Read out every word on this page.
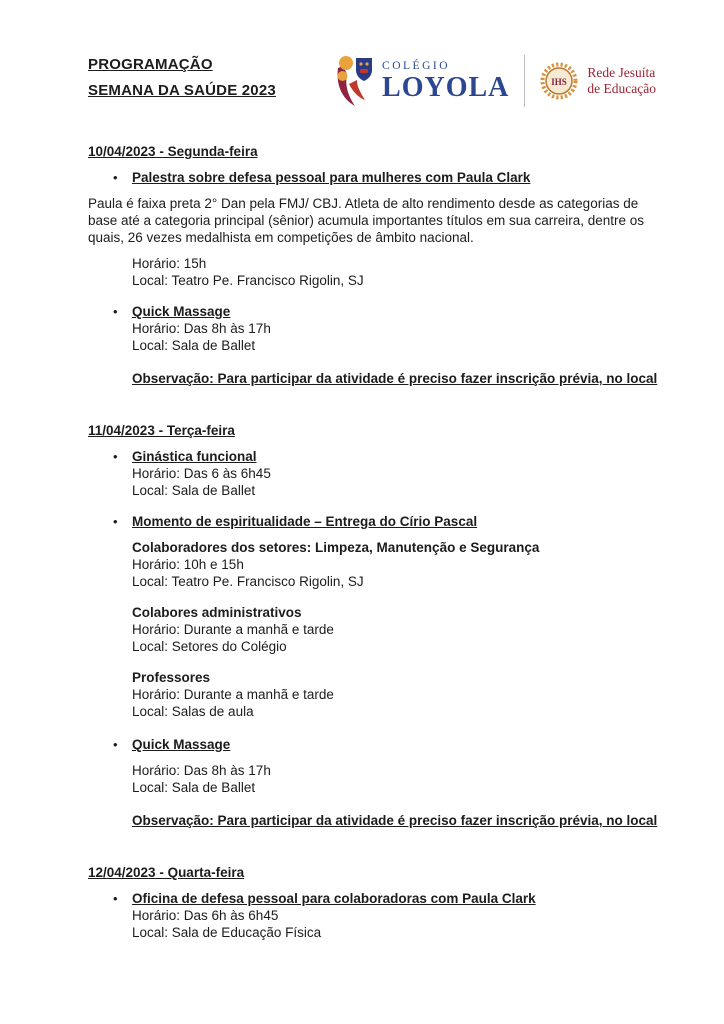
PROGRAMAÇÃO
SEMANA DA SAÚDE 2023
COLÉGIO
LOYOLA	IHS
Rede Jesuíta
de Educação
10/04/2023 - Segunda-feira
• Palestra sobre defesa pessoal para mulheres com Paula Clark

Paula é faixa preta 2° Dan pela FMJ/ CBJ. Atleta de alto rendimento desde as categorias de base até a categoria principal (sênior) acumula importantes títulos em sua carreira, dentre os quais, 26 vezes medalhista em competições de âmbito nacional.

Horário: 15h
Local: Teatro Pe. Francisco Rigolin, SJ
• Quick Massage
Horário: Das 8h às 17h
Local: Sala de Ballet
Observação: Para participar da atividade é preciso fazer inscrição prévia, no local
11/04/2023 - Terça-feira
• Ginástica funcional
Horário: Das 6 às 6h45
Local: Sala de Ballet
• Momento de espiritualidade – Entrega do Círio Pascal
Colaboradores dos setores: Limpeza, Manutenção e Segurança
Horário: 10h e 15h
Local: Teatro Pe. Francisco Rigolin, SJ
Colabores administrativos
Horário: Durante a manhã e tarde
Local: Setores do Colégio
Professores
Horário: Durante a manhã e tarde
Local: Salas de aula
• Quick Massage
Horário: Das 8h às 17h
Local: Sala de Ballet
Observação: Para participar da atividade é preciso fazer inscrição prévia, no local
12/04/2023 - Quarta-feira
• Oficina de defesa pessoal para colaboradoras com Paula Clark
Horário: Das 6h às 6h45
Local: Sala de Educação Física
